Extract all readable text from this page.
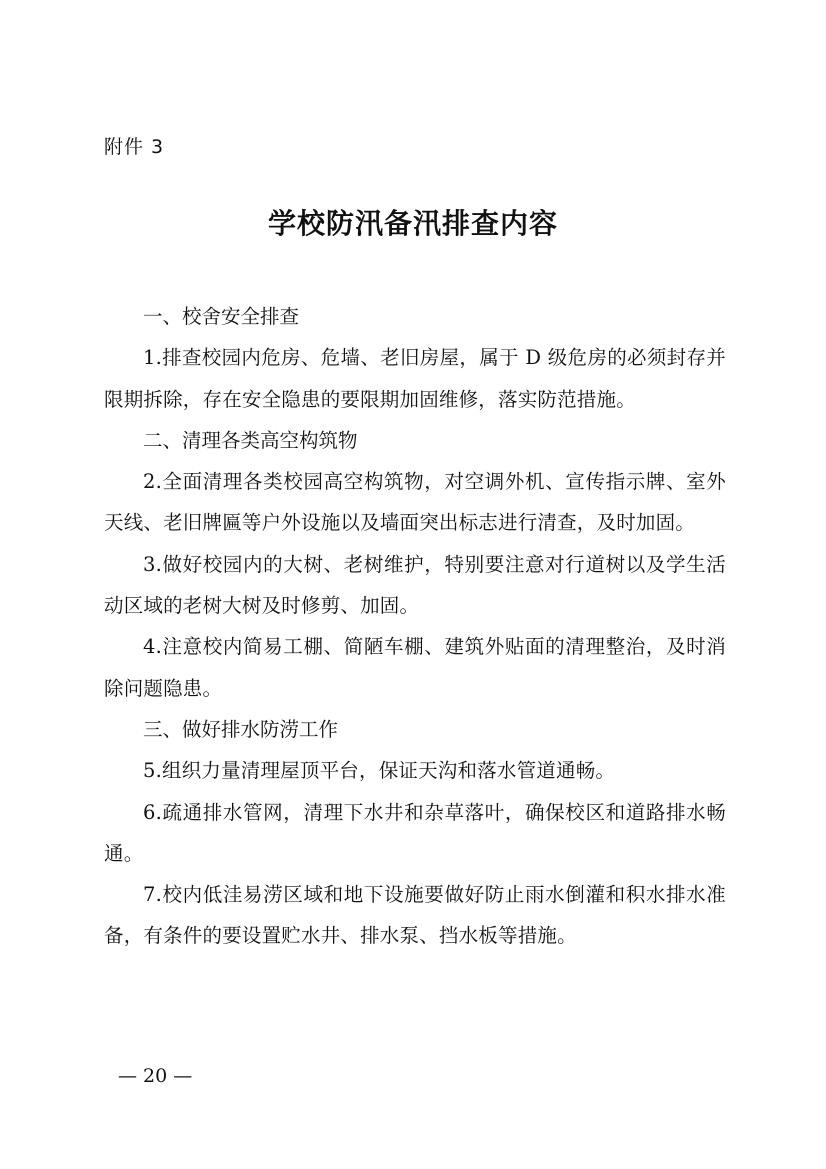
附件 3

学校防汛备汛排查内容

一、校舍安全排查

1.排查校园内危房、危墙、老旧房屋，属于 D 级危房的必须封存并限期拆除，存在安全隐患的要限期加固维修，落实防范措施。

二、清理各类高空构筑物

2.全面清理各类校园高空构筑物，对空调外机、宣传指示牌、室外天线、老旧牌匾等户外设施以及墙面突出标志进行清查，及时加固。

3.做好校园内的大树、老树维护，特别要注意对行道树以及学生活动区域的老树大树及时修剪、加固。

4.注意校内简易工棚、简陋车棚、建筑外贴面的清理整治，及时消除问题隐患。

三、做好排水防涝工作

5.组织力量清理屋顶平台，保证天沟和落水管道通畅。

6.疏通排水管网，清理下水井和杂草落叶，确保校区和道路排水畅通。

7.校内低洼易涝区域和地下设施要做好防止雨水倒灌和积水排水准备，有条件的要设置贮水井、排水泵、挡水板等措施。

— 20 —
